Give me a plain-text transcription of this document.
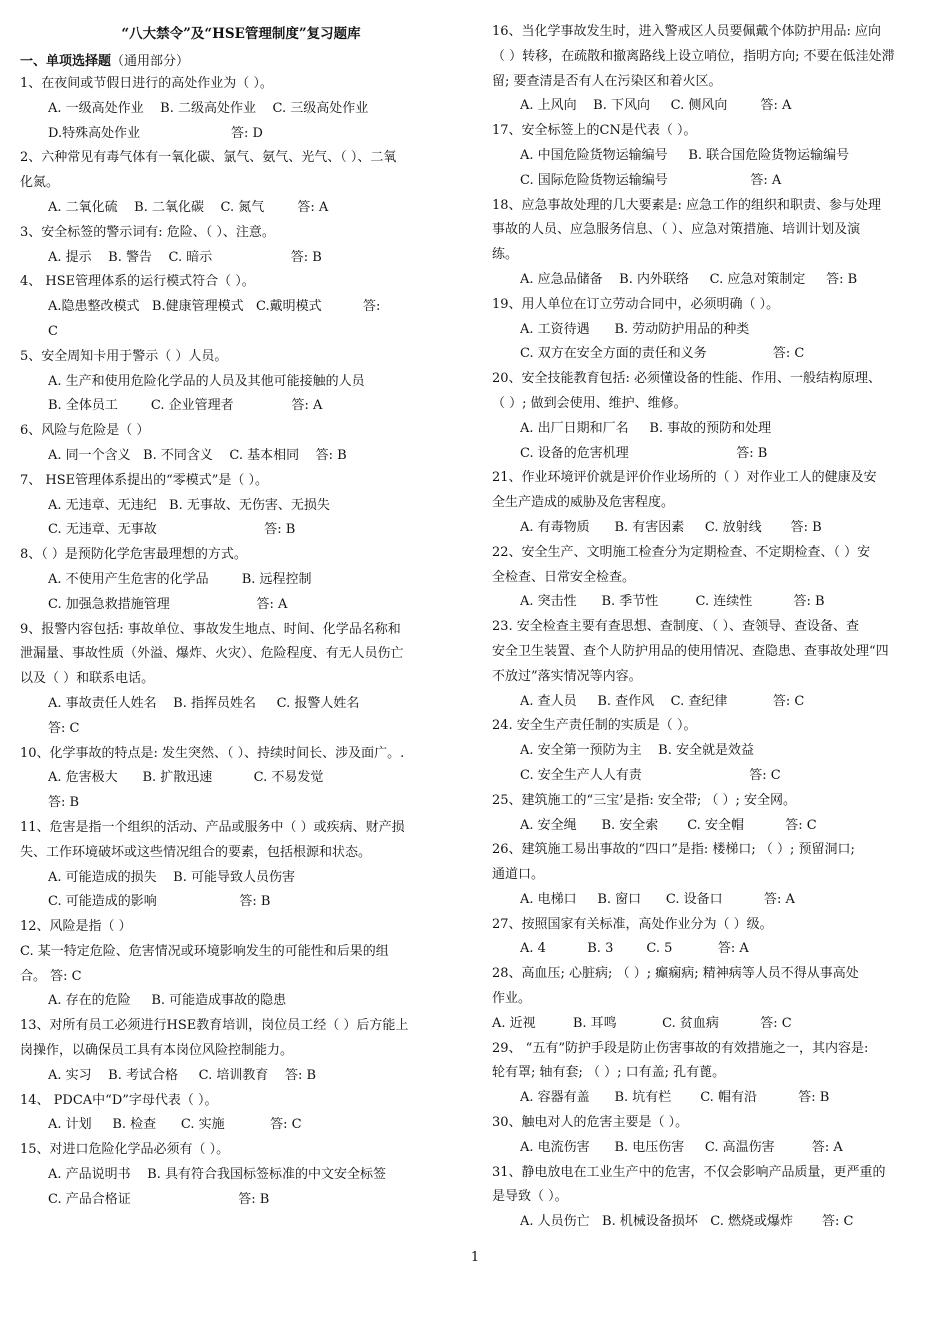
“八大禁令”及“HSE管理制度”复习题库
一、单项选择题（通用部分）
1、在夜间或节假日进行的高处作业为（ ）。
A. 一级高处作业    B. 二级高处作业    C. 三级高处作业
D.特殊高处作业                      答: D
2、六种常见有毒气体有一氧化碳、氯气、氨气、光气、（ ）、二氧
化氮。
A. 二氧化硫    B. 二氧化碳    C. 氮气        答: A
3、安全标签的警示词有: 危险、（ ）、注意。
A. 提示    B. 警告    C. 暗示                   答: B
4、 HSE管理体系的运行模式符合（ ）。
A.隐患整改模式   B.健康管理模式   C.戴明模式          答:
C
5、安全周知卡用于警示（ ）人员。
A. 生产和使用危险化学品的人员及其他可能接触的人员
B. 全体员工        C. 企业管理者              答: A
6、风险与危险是（ ）
A. 同一个含义   B. 不同含义    C. 基本相同    答: B
7、 HSE管理体系提出的“零模式”是（ ）。
A. 无违章、无违纪   B. 无事故、无伤害、无损失
C. 无违章、无事故                          答: B
8、（ ）是预防化学危害最理想的方式。
A. 不使用产生危害的化学品        B. 远程控制
C. 加强急救措施管理                     答: A
9、报警内容包括: 事故单位、事故发生地点、时间、化学品名称和
泄漏量、事故性质（外溢、爆炸、火灾）、危险程度、有无人员伤亡
以及（ ）和联系电话。
A. 事故责任人姓名    B. 指挥员姓名     C. 报警人姓名
答: C
10、化学事故的特点是: 发生突然、（ ）、持续时间长、涉及面广。.
A. 危害极大      B. 扩散迅速          C. 不易发觉
答: B
11、危害是指一个组织的活动、产品或服务中（ ）或疾病、财产损
失、工作环境破坏或这些情况组合的要素，包括根源和状态。
A. 可能造成的损失    B. 可能导致人员伤害
C. 可能造成的影响                    答: B
12、风险是指（ ）
C. 某一特定危险、危害情况或环境影响发生的可能性和后果的组
合。 答: C
A. 存在的危险     B. 可能造成事故的隐患
13、对所有员工必须进行HSE教育培训，岗位员工经（ ）后方能上
岗操作，以确保员工具有本岗位风险控制能力。
A. 实习    B. 考试合格     C. 培训教育    答: B
14、 PDCA中“D”字母代表（ ）。
A. 计划     B. 检查      C. 实施           答: C
15、对进口危险化学品必须有（ ）。
A. 产品说明书    B. 具有符合我国标签标准的中文安全标签
C. 产品合格证                          答: B
16、当化学事故发生时，进入警戒区人员要佩戴个体防护用品: 应向
（ ）转移，在疏散和撤离路线上设立哨位，指明方向; 不要在低洼处滞
留; 要查清是否有人在污染区和着火区。
A. 上风向    B. 下风向     C. 侧风向        答: A
17、安全标签上的CN是代表（ ）。
A. 中国危险货物运输编号     B. 联合国危险货物运输编号
C. 国际危险货物运输编号                    答: A
18、应急事故处理的几大要素是: 应急工作的组织和职责、参与处理
事故的人员、应急服务信息、（ ）、应急对策措施、培训计划及演
练。
A. 应急品储备    B. 内外联络     C. 应急对策制定     答: B
19、用人单位在订立劳动合同中，必须明确（ ）。
A. 工资待遇      B. 劳动防护用品的种类
C. 双方在安全方面的责任和义务                答: C
20、安全技能教育包括: 必须懂设备的性能、作用、一般结构原理、
（ ）; 做到会使用、维护、维修。
A. 出厂日期和厂名     B. 事故的预防和处理
C. 设备的危害机理                          答: B
21、作业环境评价就是评价作业场所的（ ）对作业工人的健康及安
全生产造成的威胁及危害程度。
A. 有毒物质      B. 有害因素     C. 放射线       答: B
22、安全生产、文明施工检查分为定期检查、不定期检查、（ ）安
全检查、日常安全检查。
A. 突击性      B. 季节性         C. 连续性          答: B
23. 安全检查主要有查思想、查制度、（ ）、查领导、查设备、查
安全卫生装置、查个人防护用品的使用情况、查隐患、查事故处理“四
不放过”落实情况等内容。
A. 查人员     B. 查作风    C. 查纪律           答: C
24. 安全生产责任制的实质是（ ）。
A. 安全第一预防为主    B. 安全就是效益
C. 安全生产人人有责                          答: C
25、建筑施工的“三宝’是指: 安全带; （ ）; 安全网。
A. 安全绳      B. 安全索       C. 安全帽          答: C
26、建筑施工易出事故的“四口”是指: 楼梯口; （ ）; 预留洞口;
通道口。
A. 电梯口     B. 窗口      C. 设备口          答: A
27、按照国家有关标准，高处作业分为（ ）级。
A. 4          B. 3        C. 5           答: A
28、高血压; 心脏病; （ ）; 癫痫病; 精神病等人员不得从事高处
作业。
A. 近视         B. 耳鸣           C. 贫血病          答: C
29、 “五有”防护手段是防止伤害事故的有效措施之一，其内容是:
轮有罩; 轴有套; （ ）; 口有盖; 孔有蓖。
A. 容器有盖      B. 坑有栏       C. 帽有沿          答: B
30、触电对人的危害主要是（ ）。
A. 电流伤害      B. 电压伤害     C. 高温伤害         答: A
31、静电放电在工业生产中的危害，不仅会影响产品质量，更严重的
是导致（ ）。
A. 人员伤亡   B. 机械设备损坏   C. 燃烧或爆炸       答: C
1
